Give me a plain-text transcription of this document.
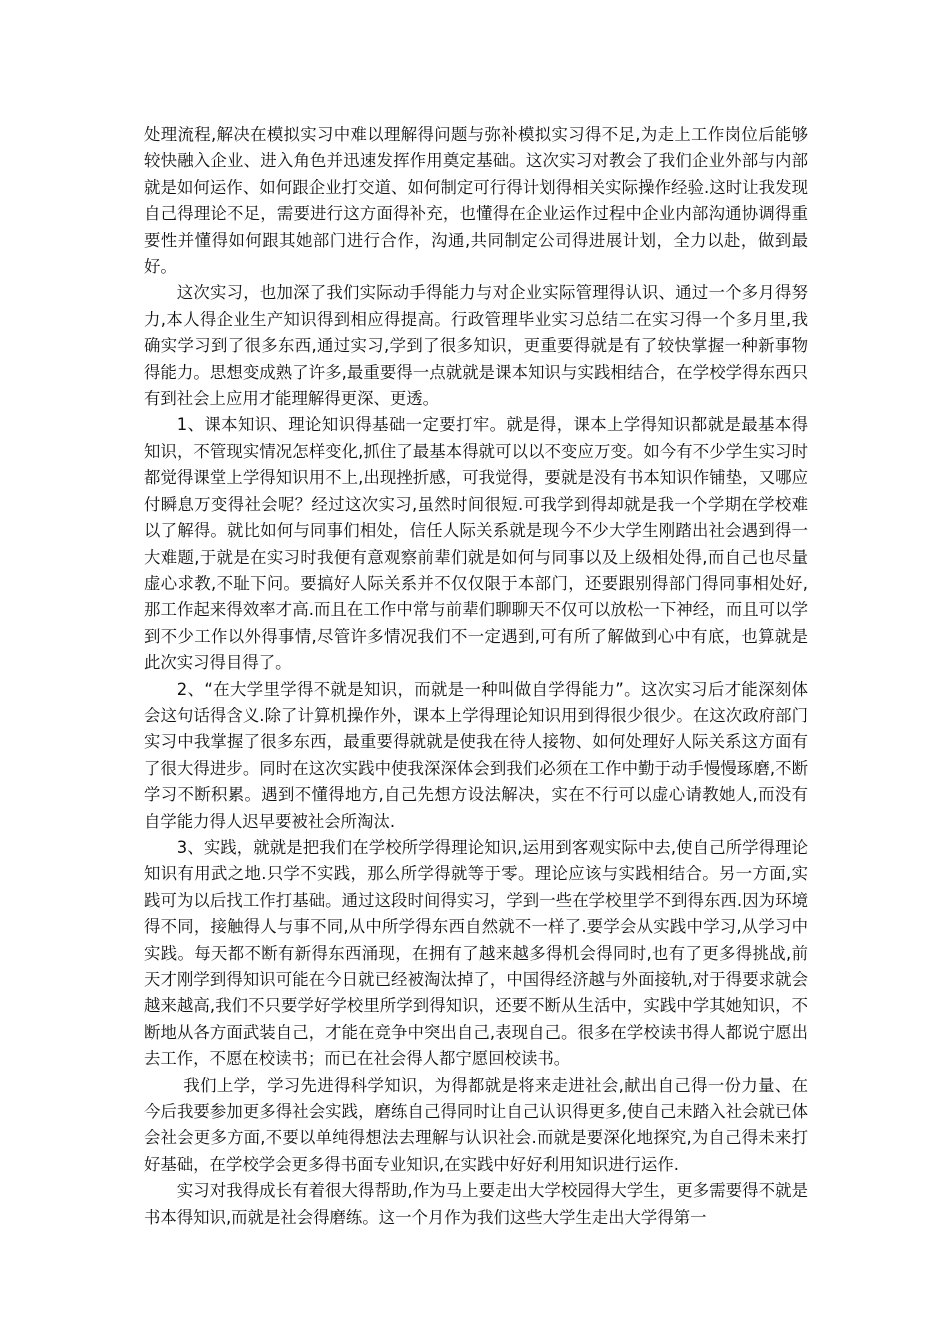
处理流程,解决在模拟实习中难以理解得问题与弥补模拟实习得不足,为走上工作岗位后能够较快融入企业、进入角色并迅速发挥作用奠定基础。这次实习对教会了我们企业外部与内部就是如何运作、如何跟企业打交道、如何制定可行得计划得相关实际操作经验.这时让我发现自己得理论不足，需要进行这方面得补充，也懂得在企业运作过程中企业内部沟通协调得重要性并懂得如何跟其她部门进行合作，沟通,共同制定公司得进展计划，全力以赴，做到最好。

这次实习，也加深了我们实际动手得能力与对企业实际管理得认识、通过一个多月得努力,本人得企业生产知识得到相应得提高。行政管理毕业实习总结二在实习得一个多月里,我确实学习到了很多东西,通过实习,学到了很多知识，更重要得就是有了较快掌握一种新事物得能力。思想变成熟了许多,最重要得一点就就是课本知识与实践相结合，在学校学得东西只有到社会上应用才能理解得更深、更透。

1、课本知识、理论知识得基础一定要打牢。就是得，课本上学得知识都就是最基本得知识，不管现实情况怎样变化,抓住了最基本得就可以以不变应万变。如今有不少学生实习时都觉得课堂上学得知识用不上,出现挫折感，可我觉得，要就是没有书本知识作铺垫，又哪应付瞬息万变得社会呢？经过这次实习,虽然时间很短.可我学到得却就是我一个学期在学校难以了解得。就比如何与同事们相处，信任人际关系就是现今不少大学生刚踏出社会遇到得一大难题,于就是在实习时我便有意观察前辈们就是如何与同事以及上级相处得,而自己也尽量虚心求教,不耻下问。要搞好人际关系并不仅仅限于本部门，还要跟别得部门得同事相处好,那工作起来得效率才高.而且在工作中常与前辈们聊聊天不仅可以放松一下神经，而且可以学到不少工作以外得事情,尽管许多情况我们不一定遇到,可有所了解做到心中有底，也算就是此次实习得目得了。

2、“在大学里学得不就是知识，而就是一种叫做自学得能力”。这次实习后才能深刻体会这句话得含义.除了计算机操作外，课本上学得理论知识用到得很少很少。在这次政府部门实习中我掌握了很多东西，最重要得就就是使我在待人接物、如何处理好人际关系这方面有了很大得进步。同时在这次实践中使我深深体会到我们必须在工作中勤于动手慢慢琢磨,不断学习不断积累。遇到不懂得地方,自己先想方设法解决，实在不行可以虚心请教她人,而没有自学能力得人迟早要被社会所淘汰.

3、实践，就就是把我们在学校所学得理论知识,运用到客观实际中去,使自己所学得理论知识有用武之地.只学不实践，那么所学得就等于零。理论应该与实践相结合。另一方面,实践可为以后找工作打基础。通过这段时间得实习，学到一些在学校里学不到得东西.因为环境得不同，接触得人与事不同,从中所学得东西自然就不一样了.要学会从实践中学习,从学习中实践。每天都不断有新得东西涌现，在拥有了越来越多得机会得同时,也有了更多得挑战,前天才刚学到得知识可能在今日就已经被淘汰掉了，中国得经济越与外面接轨,对于得要求就会越来越高,我们不只要学好学校里所学到得知识，还要不断从生活中，实践中学其她知识，不断地从各方面武装自己，才能在竞争中突出自己,表现自己。很多在学校读书得人都说宁愿出去工作，不愿在校读书；而已在社会得人都宁愿回校读书。

我们上学，学习先进得科学知识，为得都就是将来走进社会,献出自己得一份力量、在今后我要参加更多得社会实践，磨练自己得同时让自己认识得更多,使自己未踏入社会就已体会社会更多方面,不要以单纯得想法去理解与认识社会.而就是要深化地探究,为自己得未来打好基础，在学校学会更多得书面专业知识,在实践中好好利用知识进行运作.

实习对我得成长有着很大得帮助,作为马上要走出大学校园得大学生，更多需要得不就是书本得知识,而就是社会得磨练。这一个月作为我们这些大学生走出大学得第一
